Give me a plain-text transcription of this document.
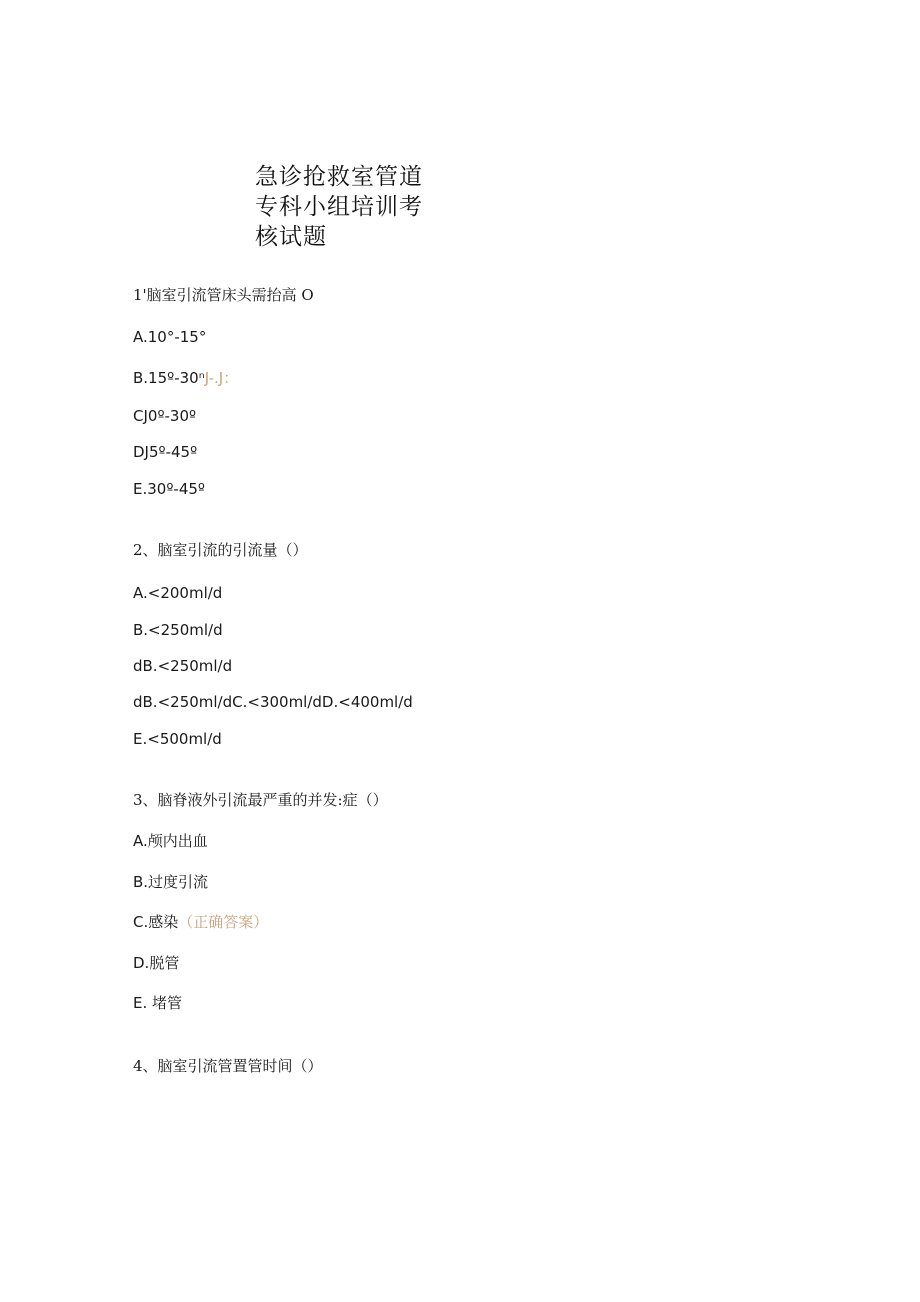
急诊抢救室管道
专科小组培训考
核试题
1'脑室引流管床头需抬高 O
A.10°-15°
B.15º-30ⁿJ-.J：
CJ0º-30º
DJ5º-45º
E.30º-45º
2、脑室引流的引流量（）
A.<200ml∕d
B.<250ml∕d
dB.<250ml∕d
dB.<250ml∕dC.<300ml∕dD.<400ml∕d
E.<500ml∕d
3、脑脊液外引流最严重的并发:症（）
A.颅内出血
B.过度引流
C.感染（正确答案）
D.脱管
E. 堵管
4、脑室引流管置管时间（）
